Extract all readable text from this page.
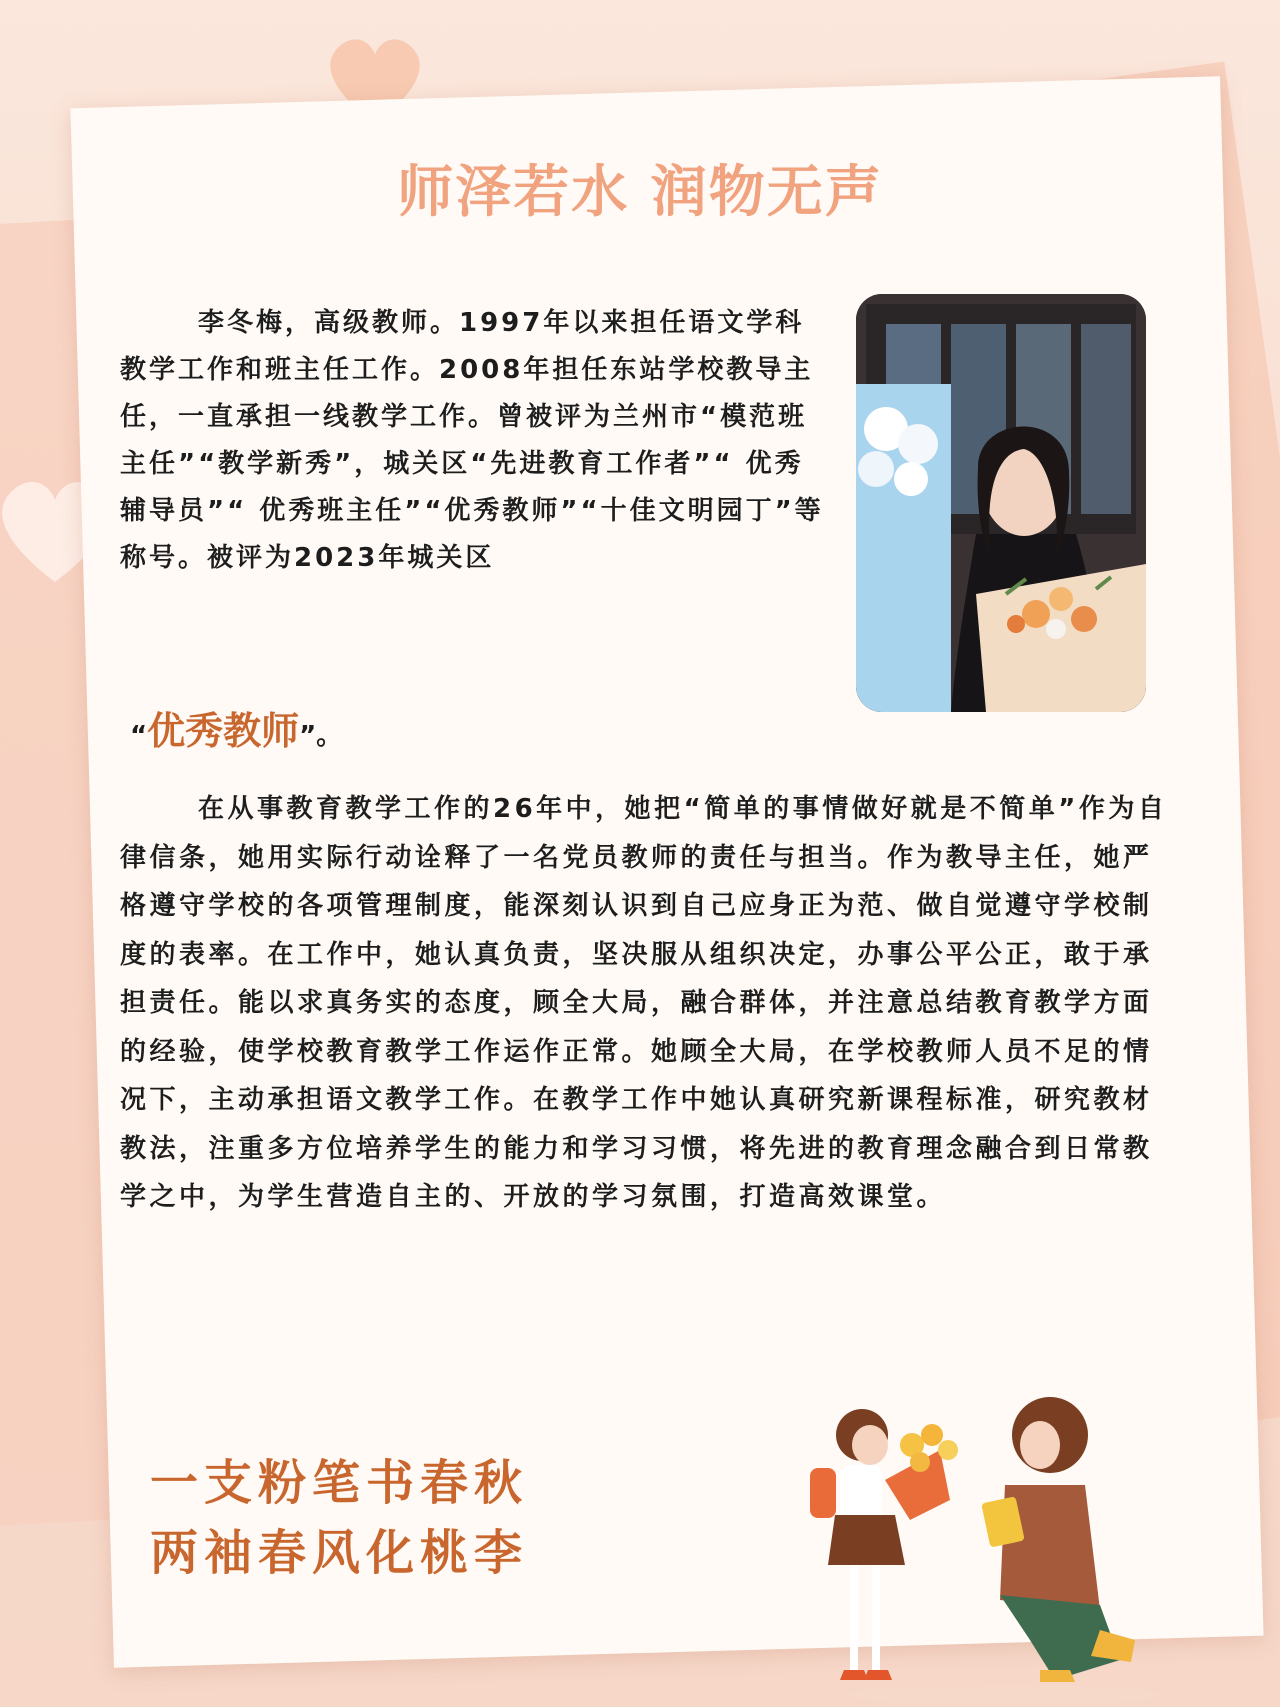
师泽若水 润物无声
李冬梅，高级教师。1997年以来担任语文学科教学工作和班主任工作。2008年担任东站学校教导主任，一直承担一线教学工作。曾被评为兰州市“模范班主任”“教学新秀”，城关区“先进教育工作者”“ 优秀辅导员”“ 优秀班主任”“优秀教师”“十佳文明园丁”等称号。被评为2023年城关区
“优秀教师”。
在从事教育教学工作的26年中，她把“简单的事情做好就是不简单”作为自律信条，她用实际行动诠释了一名党员教师的责任与担当。作为教导主任，她严格遵守学校的各项管理制度，能深刻认识到自己应身正为范、做自觉遵守学校制度的表率。在工作中，她认真负责，坚决服从组织决定，办事公平公正，敢于承担责任。能以求真务实的态度，顾全大局，融合群体，并注意总结教育教学方面的经验，使学校教育教学工作运作正常。她顾全大局，在学校教师人员不足的情况下，主动承担语文教学工作。在教学工作中她认真研究新课程标准，研究教材教法，注重多方位培养学生的能力和学习习惯，将先进的教育理念融合到日常教学之中，为学生营造自主的、开放的学习氛围，打造高效课堂。
一支粉笔书春秋
两袖春风化桃李
